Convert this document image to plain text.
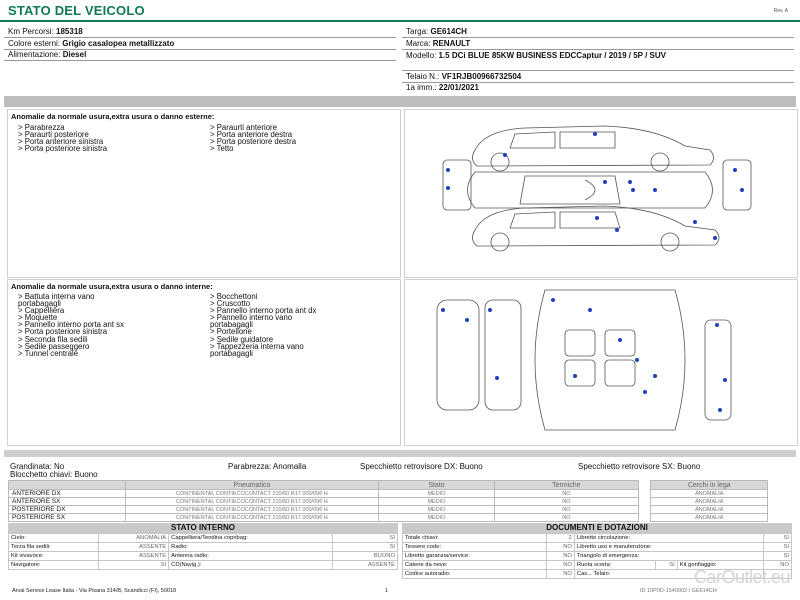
STATO DEL VEICOLO	Rev. A
Km Percorsi: 185318
Colore esterni: Grigio casalopea metallizzato
Alimentazione: Diesel
Targa: GE614CH
Marca: RENAULT
Modello: 1.5 DCi BLUE 85KW BUSINESS EDCCaptur / 2019 / 5P / SUV
Telaio N.: VF1RJB00966732504
1a imm.: 22/01/2021
Anomalie da normale usura,extra usura o danno esterne:
> Parabrezza
> Paraurti posteriore
> Porta anteriore sinistra
> Porta posteriore sinistra
> Paraurti anteriore
> Porta anteriore destra
> Porta posteriore destra
> Tetto
Anomalie da normale usura,extra usura o danno interne:
> Battuta interna vano
portabagagli
> Cappelliera
> Moquette
> Pannello interno porta ant sx
> Porta posteriore sinistra
> Seconda fila sedili
> Sedile passeggero
> Tunnel centrale
> Bocchettoni
> Cruscotto
> Pannello interno porta ant dx
> Pannello interno vano
portabagagli
> Portellone
> Sedile guidatore
> Tappezzeria interna vano
portabagagli
Grandinata: No	Parabrezza: Anomalla	Specchietto retrovisore DX: Buono	Specchietto retrovisore SX: Buono
Blocchetto chiavi: Buono
	Pneumatico	Stato	Termiche		Cerchi in lega
ANTERIORE DX	CONTINENTAL CONTIECOCONTACT 215/60 R17 000/096 H	MEDIO	NO		ANOMALIA
ANTERIORE SX	CONTINENTAL CONTIECOCONTACT 215/60 R17 000/096 H	MEDIO	NO		ANOMALIA
POSTERIORE DX	CONTINENTAL CONTIECOCONTACT 215/60 R17 000/096 H	MEDIO	NO		ANOMALIA
POSTERIORE SX	CONTINENTAL CONTIECOCONTACT 215/60 R17 000/096 H	MEDIO	NO		ANOMALIA
STATO INTERNO
Cielo:	ANOMALIA	Cappelliera/Tendina copribag:	SI
Terza fila sedili:	ASSENTE	Radio:	SI
Kit vivavoce:	ASSENTE	Antenna radio:	BUONO
Navigatore:	SI	CD(Navig.):	ASSENTE
DOCUMENTI E DOTAZIONI
Totale chiavi:	2	Libretto circolazione:			SI
Tessere code:	NO	Libretto uso e manutenzione:			SI
Libretto garanzia/service:	NO	Triangolo di emergenza:			SI
Catene da neve:	NO	Ruota scorta:	SI	Kit gonfiaggio:	NO
Codice autoradio:	NO	Cas... Telaio:			
Arval Service Lease Italia - Via Pisana 314/B, Scandicci (FI), 50018	1	ID 10P0D-1540002 / GE614CH
CarOutlet.eu
